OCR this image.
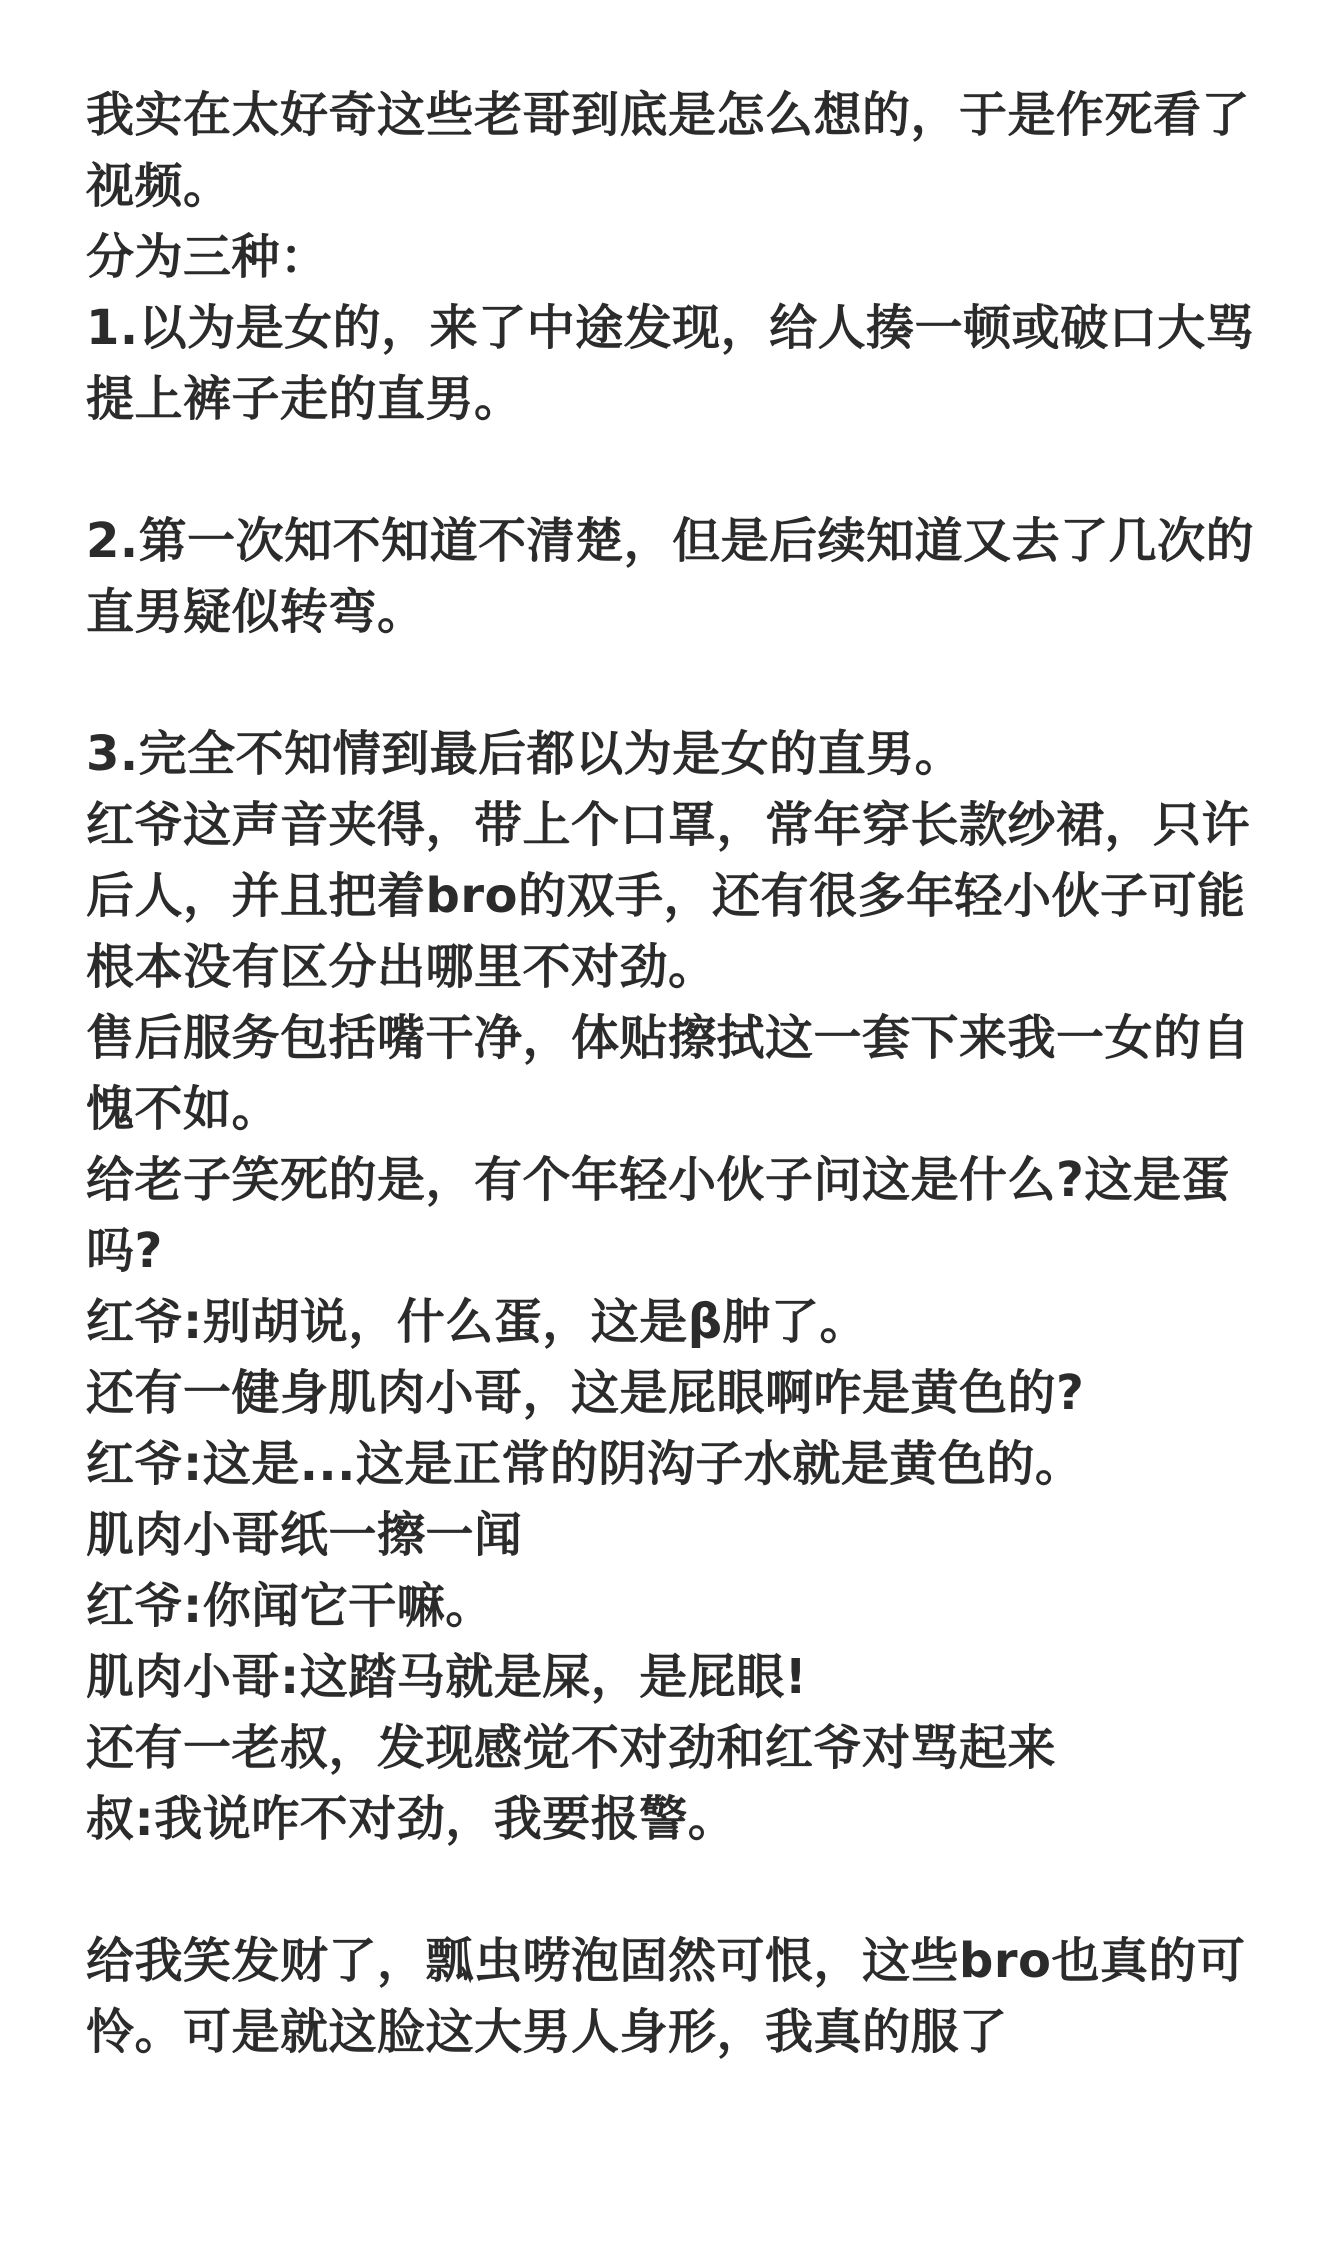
我实在太好奇这些老哥到底是怎么想的，于是作死看了视频。

分为三种：

1.以为是女的，来了中途发现，给人揍一顿或破口大骂提上裤子走的直男。

2.第一次知不知道不清楚，但是后续知道又去了几次的直男疑似转弯。

3.完全不知情到最后都以为是女的直男。

红爷这声音夹得，带上个口罩，常年穿长款纱裙，只许后人，并且把着bro的双手，还有很多年轻小伙子可能根本没有区分出哪里不对劲。

售后服务包括嘴干净，体贴擦拭这一套下来我一女的自愧不如。

给老子笑死的是，有个年轻小伙子问这是什么?这是蛋吗?

红爷:别胡说，什么蛋，这是β肿了。

还有一健身肌肉小哥，这是屁眼啊咋是黄色的?

红爷:这是...这是正常的阴沟子水就是黄色的。

肌肉小哥纸一擦一闻

红爷:你闻它干嘛。

肌肉小哥:这踏马就是屎，是屁眼!

还有一老叔，发现感觉不对劲和红爷对骂起来

叔:我说咋不对劲，我要报警。

给我笑发财了，瓢虫唠泡固然可恨，这些bro也真的可怜。可是就这脸这大男人身形，我真的服了
